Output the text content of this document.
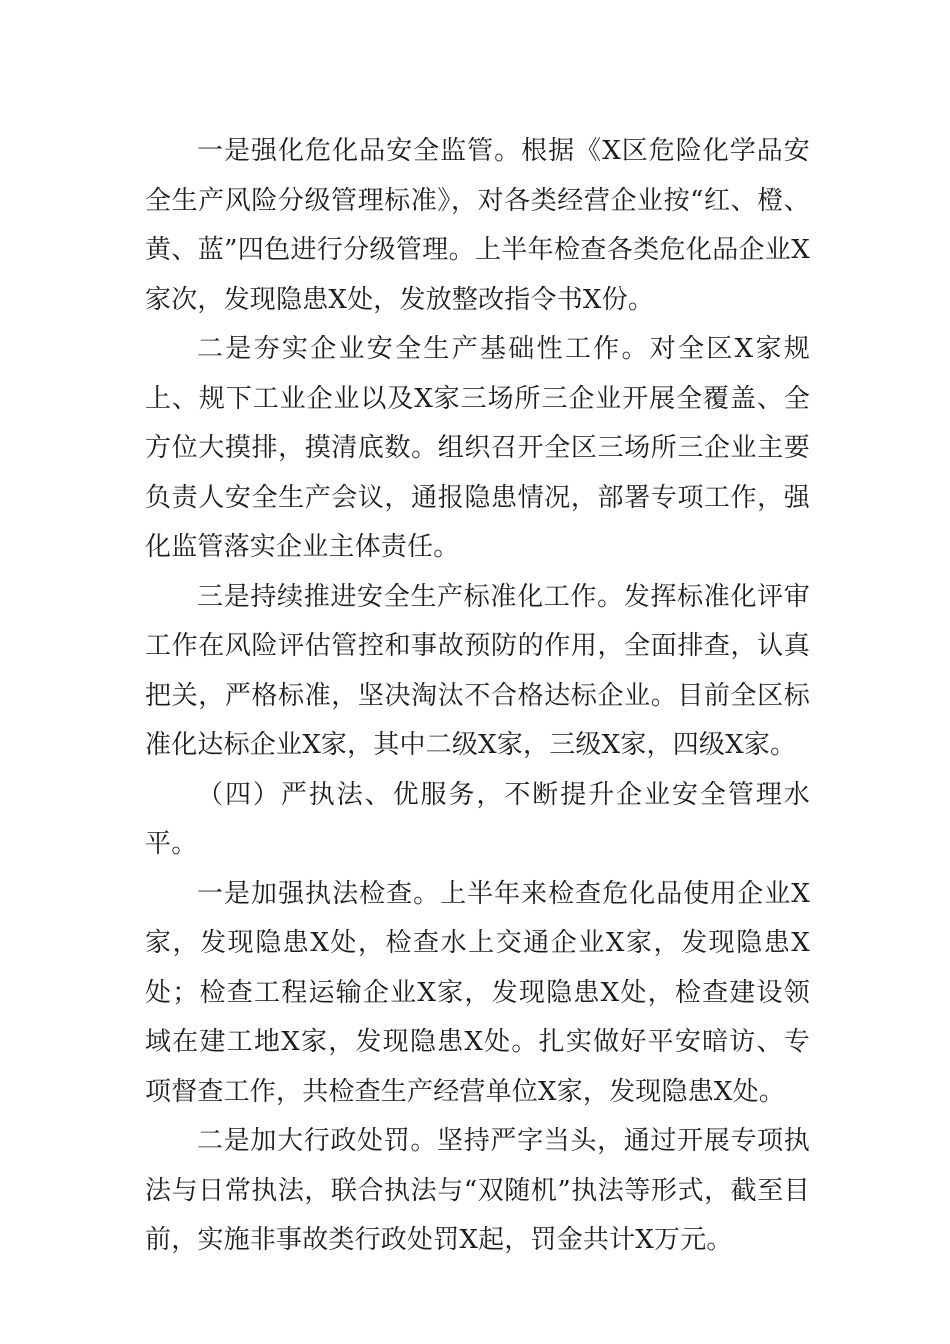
一是强化危化品安全监管。根据《X区危险化学品安全生产风险分级管理标准》，对各类经营企业按“红、橙、黄、蓝”四色进行分级管理。上半年检查各类危化品企业X家次，发现隐患X处，发放整改指令书X份。

二是夯实企业安全生产基础性工作。对全区X家规上、规下工业企业以及X家三场所三企业开展全覆盖、全方位大摸排，摸清底数。组织召开全区三场所三企业主要负责人安全生产会议，通报隐患情况，部署专项工作，强化监管落实企业主体责任。

三是持续推进安全生产标准化工作。发挥标准化评审工作在风险评估管控和事故预防的作用，全面排查，认真把关，严格标准，坚决淘汰不合格达标企业。目前全区标准化达标企业X家，其中二级X家，三级X家，四级X家。

（四）严执法、优服务，不断提升企业安全管理水平。

一是加强执法检查。上半年来检查危化品使用企业X家，发现隐患X处，检查水上交通企业X家，发现隐患X处；检查工程运输企业X家，发现隐患X处，检查建设领域在建工地X家，发现隐患X处。扎实做好平安暗访、专项督查工作，共检查生产经营单位X家，发现隐患X处。

二是加大行政处罚。坚持严字当头，通过开展专项执法与日常执法，联合执法与“双随机”执法等形式，截至目前，实施非事故类行政处罚X起，罚金共计X万元。
